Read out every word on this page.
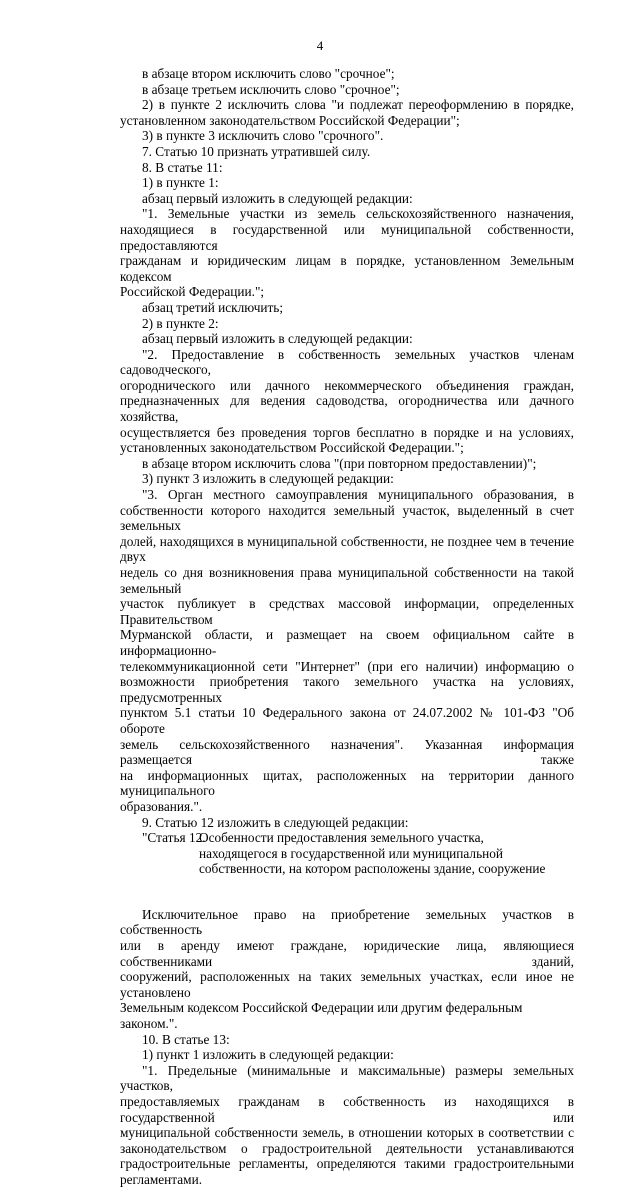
4

в абзаце втором исключить слово "срочное";

в абзаце третьем исключить слово "срочное";

2) в пункте 2 исключить слова "и подлежат переоформлению в порядке,

установленном законодательством Российской Федерации";

3) в пункте 3 исключить слово "срочного".

7. Статью 10 признать утратившей силу.

8. В статье 11:

1) в пункте 1:

абзац первый изложить в следующей редакции:

"1. Земельные участки из земель сельскохозяйственного назначения,

находящиеся в государственной или муниципальной собственности, предоставляются

гражданам и юридическим лицам в порядке, установленном Земельным кодексом

Российской Федерации.";

абзац третий исключить;

2) в пункте 2:

абзац первый изложить в следующей редакции:

"2. Предоставление в собственность земельных участков членам садоводческого,

огороднического или дачного некоммерческого объединения граждан,

предназначенных для ведения садоводства, огородничества или дачного хозяйства,

осуществляется без проведения торгов бесплатно в порядке и на условиях,

установленных законодательством Российской Федерации.";

в абзаце втором исключить слова "(при повторном предоставлении)";

3) пункт 3 изложить в следующей редакции:

"3. Орган местного самоуправления муниципального образования, в

собственности которого находится земельный участок, выделенный в счет земельных

долей, находящихся в муниципальной собственности, не позднее чем в течение двух

недель со дня возникновения права муниципальной собственности на такой земельный

участок публикует в средствах массовой информации, определенных Правительством

Мурманской области, и размещает на своем официальном сайте в информационно-

телекоммуникационной сети "Интернет" (при его наличии) информацию о

возможности приобретения такого земельного участка на условиях, предусмотренных

пунктом 5.1 статьи 10 Федерального закона от 24.07.2002 № 101-ФЗ "Об обороте

земель сельскохозяйственного назначения". Указанная информация размещается также

на информационных щитах, расположенных на территории данного муниципального

образования.".

9. Статью 12 изложить в следующей редакции:

"Статья 12.
Особенности предоставления земельного участка,
находящегося в государственной или муниципальной
собственности, на котором расположены здание, сооружение

Исключительное право на приобретение земельных участков в собственность

или в аренду имеют граждане, юридические лица, являющиеся собственниками зданий,

сооружений, расположенных на таких земельных участках, если иное не установлено

Земельным кодексом Российской Федерации или другим федеральным законом.".

10. В статье 13:

1) пункт 1 изложить в следующей редакции:

"1. Предельные (минимальные и максимальные) размеры земельных участков,

предоставляемых гражданам в собственность из находящихся в государственной или

муниципальной собственности земель, в отношении которых в соответствии с

законодательством о градостроительной деятельности устанавливаются

градостроительные регламенты, определяются такими градостроительными

регламентами.
